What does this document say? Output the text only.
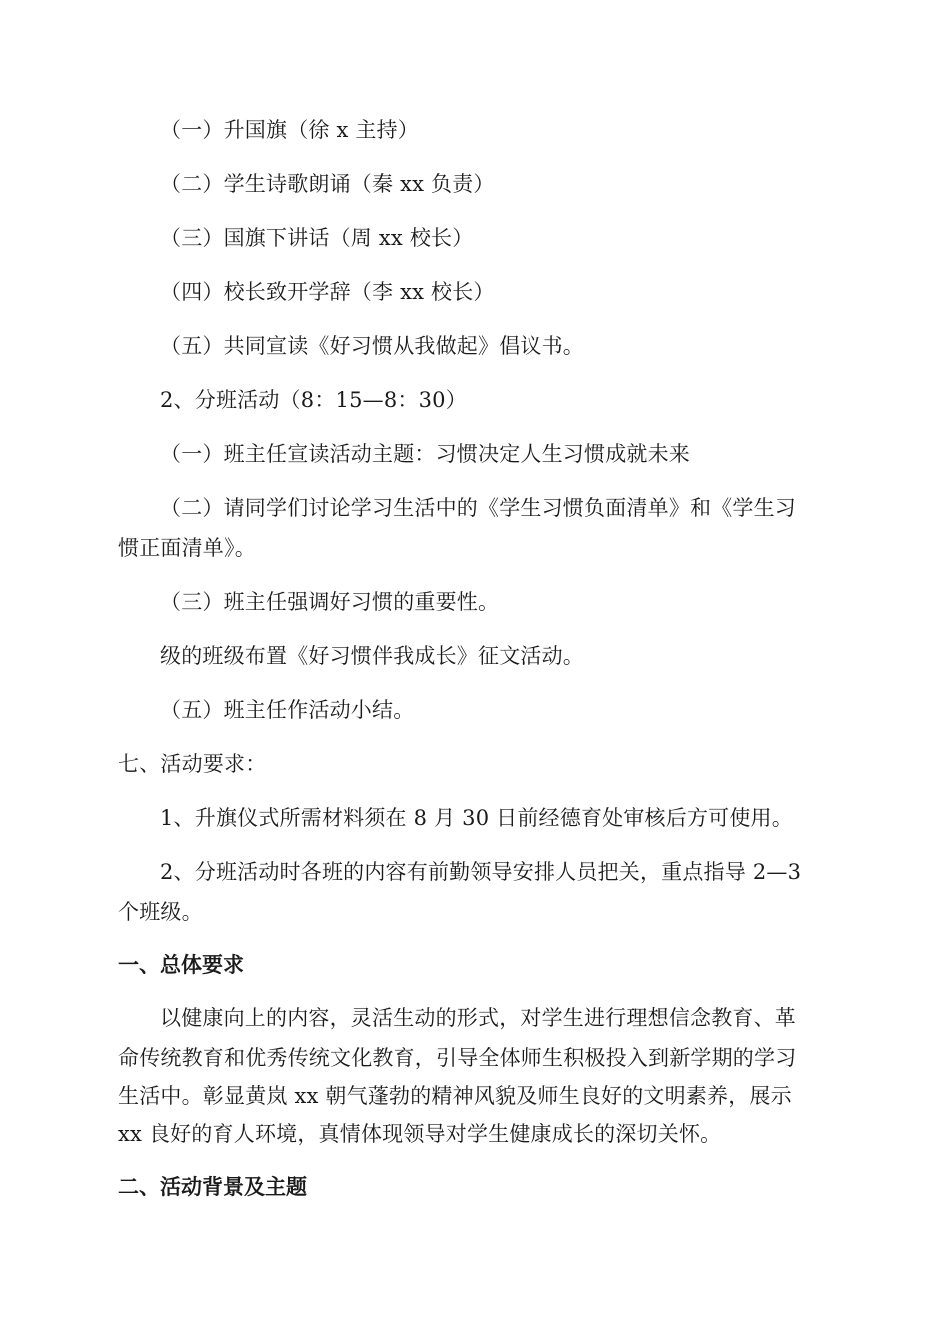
（一）升国旗（徐 x 主持）
（二）学生诗歌朗诵（秦 xx 负责）
（三）国旗下讲话（周 xx 校长）
（四）校长致开学辞（李 xx 校长）
（五）共同宣读《好习惯从我做起》倡议书。
2、分班活动（8：15—8：30）
（一）班主任宣读活动主题：习惯决定人生习惯成就未来
（二）请同学们讨论学习生活中的《学生习惯负面清单》和《学生习
惯正面清单》。
（三）班主任强调好习惯的重要性。
级的班级布置《好习惯伴我成长》征文活动。
（五）班主任作活动小结。
七、活动要求：
1、升旗仪式所需材料须在 8 月 30 日前经德育处审核后方可使用。
2、分班活动时各班的内容有前勤领导安排人员把关，重点指导 2—3
个班级。
一、总体要求
以健康向上的内容，灵活生动的形式，对学生进行理想信念教育、革
命传统教育和优秀传统文化教育，引导全体师生积极投入到新学期的学习
生活中。彰显黄岚 xx 朝气蓬勃的精神风貌及师生良好的文明素养，展示
xx 良好的育人环境，真情体现领导对学生健康成长的深切关怀。
二、活动背景及主题
